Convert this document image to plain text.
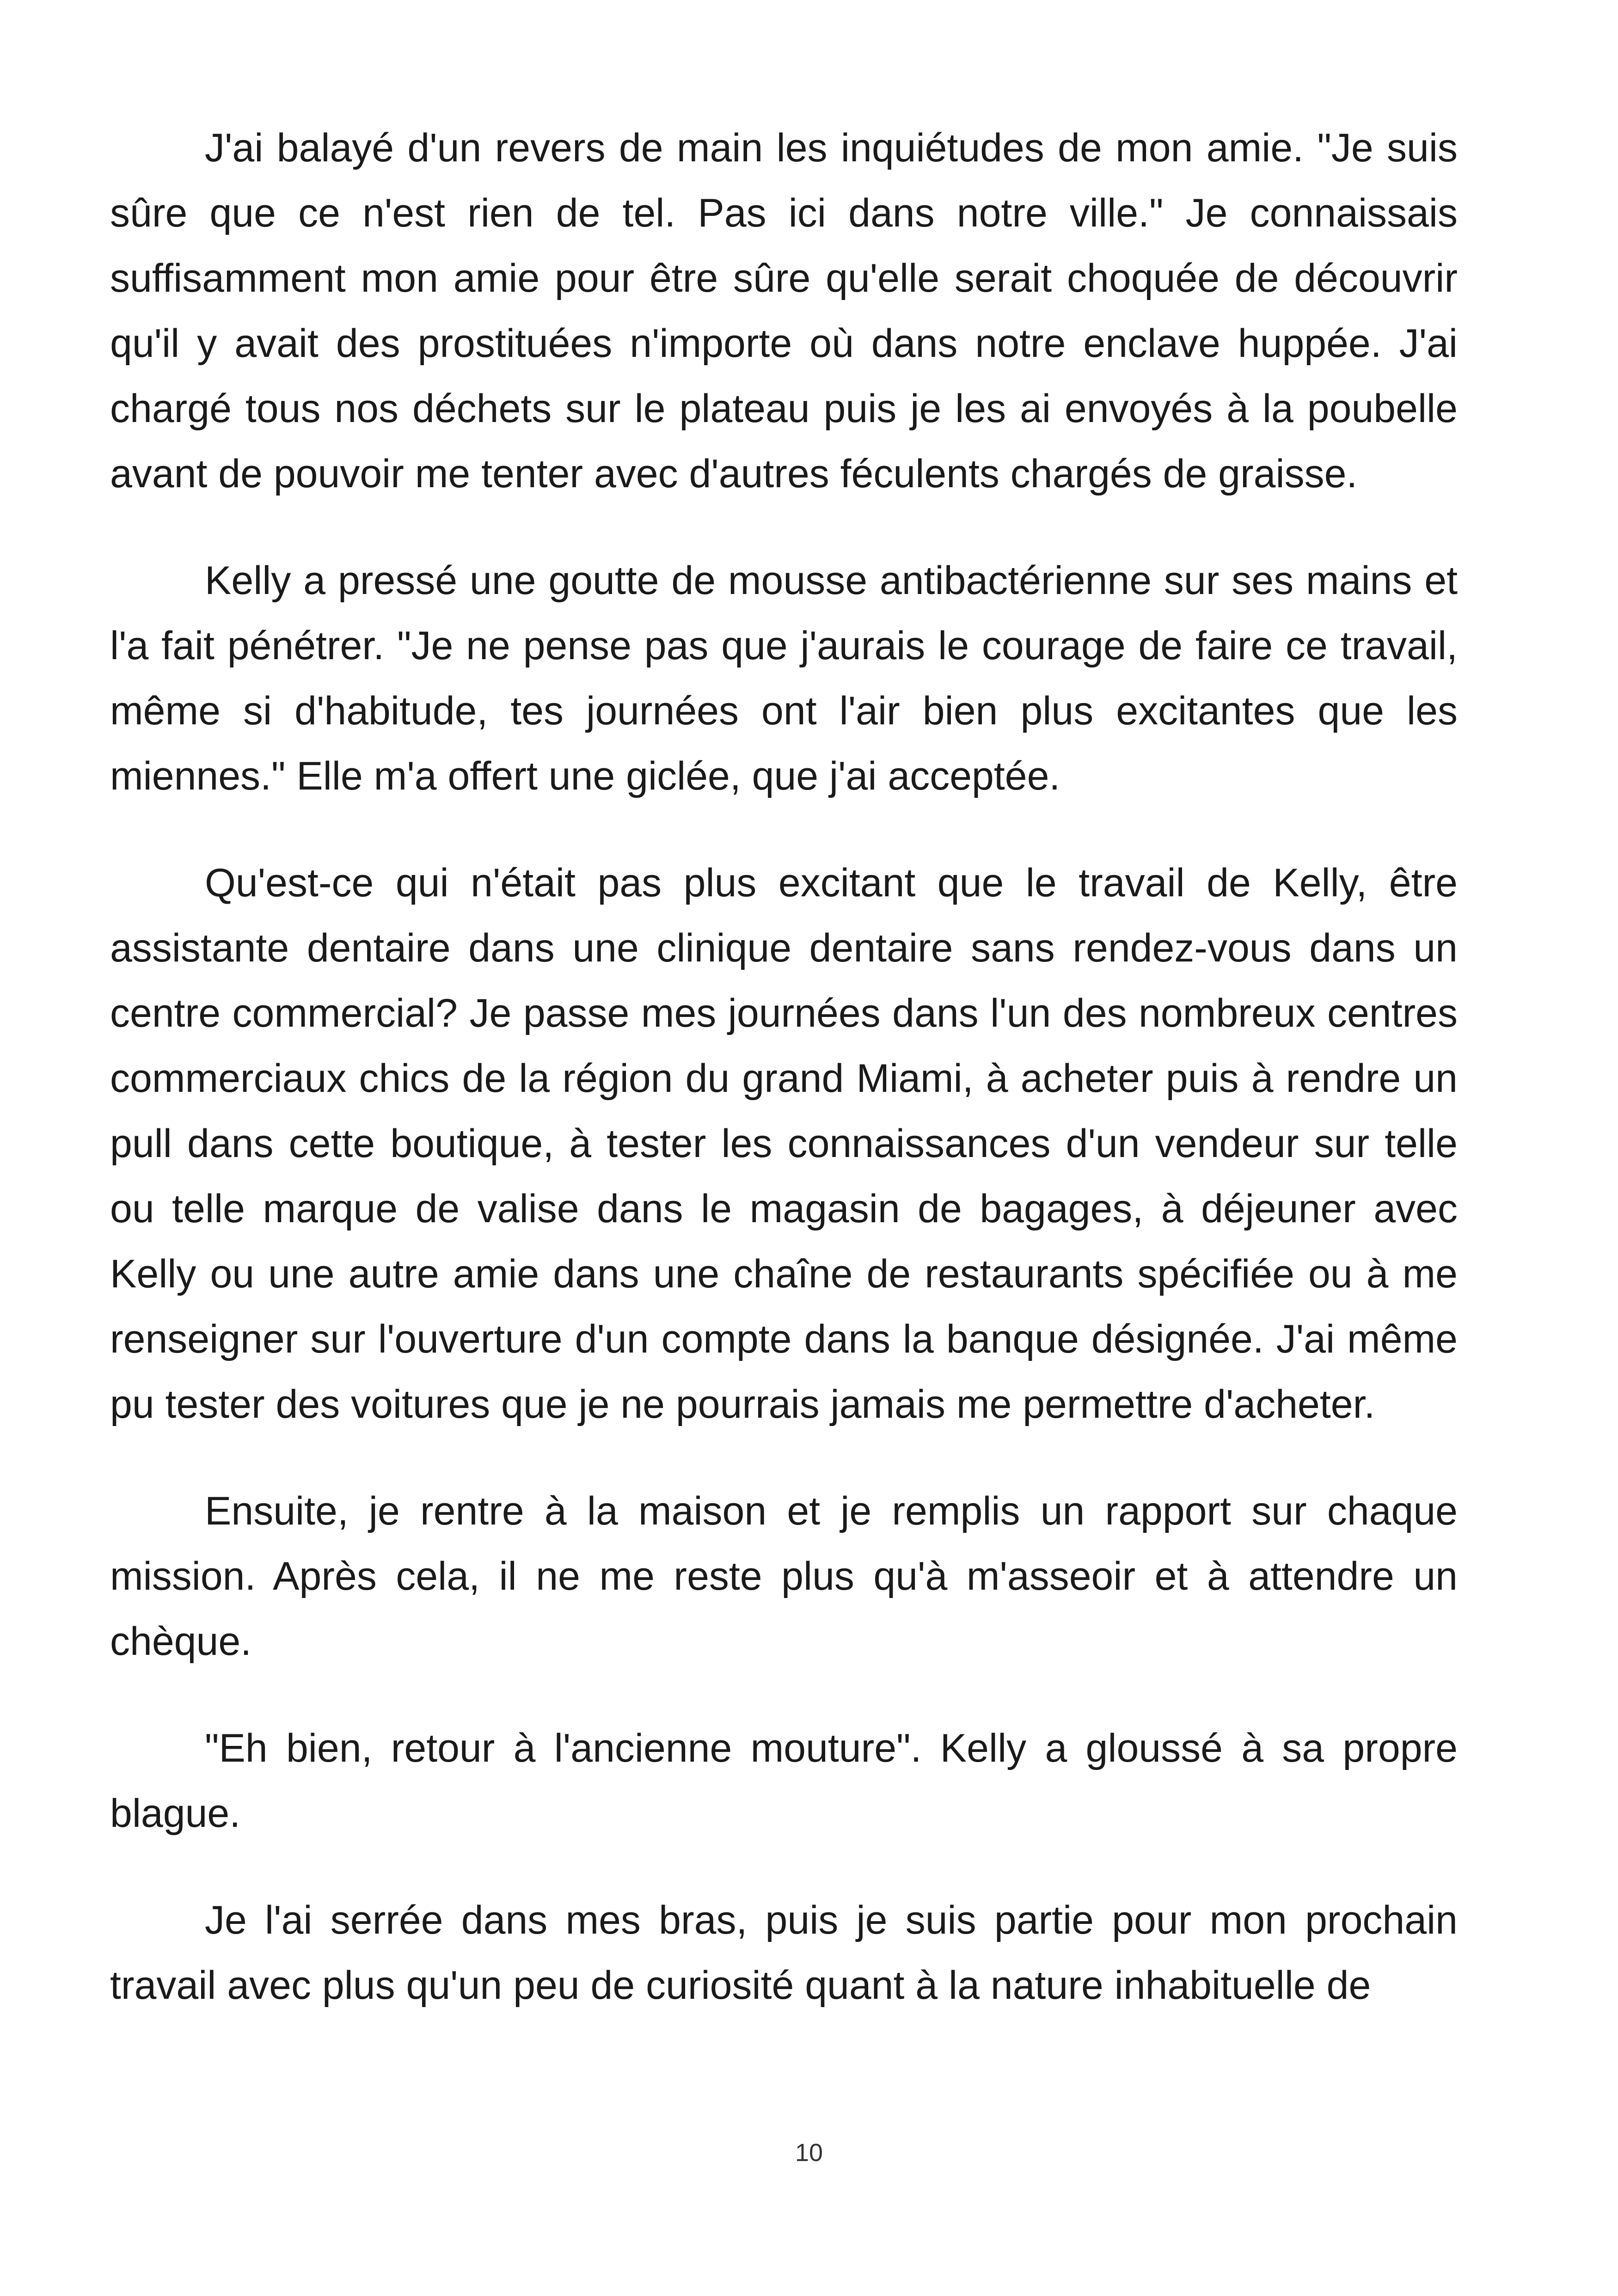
J'ai balayé d'un revers de main les inquiétudes de mon amie. "Je suis sûre que ce n'est rien de tel. Pas ici dans notre ville." Je connaissais suffisamment mon amie pour être sûre qu'elle serait choquée de découvrir qu'il y avait des prostituées n'importe où dans notre enclave huppée. J'ai chargé tous nos déchets sur le plateau puis je les ai envoyés à la poubelle avant de pouvoir me tenter avec d'autres féculents chargés de graisse.

Kelly a pressé une goutte de mousse antibactérienne sur ses mains et l'a fait pénétrer. "Je ne pense pas que j'aurais le courage de faire ce travail, même si d'habitude, tes journées ont l'air bien plus excitantes que les miennes." Elle m'a offert une giclée, que j'ai acceptée.

Qu'est-ce qui n'était pas plus excitant que le travail de Kelly, être assistante dentaire dans une clinique dentaire sans rendez-vous dans un centre commercial? Je passe mes journées dans l'un des nombreux centres commerciaux chics de la région du grand Miami, à acheter puis à rendre un pull dans cette boutique, à tester les connaissances d'un vendeur sur telle ou telle marque de valise dans le magasin de bagages, à déjeuner avec Kelly ou une autre amie dans une chaîne de restaurants spécifiée ou à me renseigner sur l'ouverture d'un compte dans la banque désignée. J'ai même pu tester des voitures que je ne pourrais jamais me permettre d'acheter.

Ensuite, je rentre à la maison et je remplis un rapport sur chaque mission. Après cela, il ne me reste plus qu'à m'asseoir et à attendre un chèque.

"Eh bien, retour à l'ancienne mouture". Kelly a gloussé à sa propre blague.

Je l'ai serrée dans mes bras, puis je suis partie pour mon prochain travail avec plus qu'un peu de curiosité quant à la nature inhabituelle de

10
